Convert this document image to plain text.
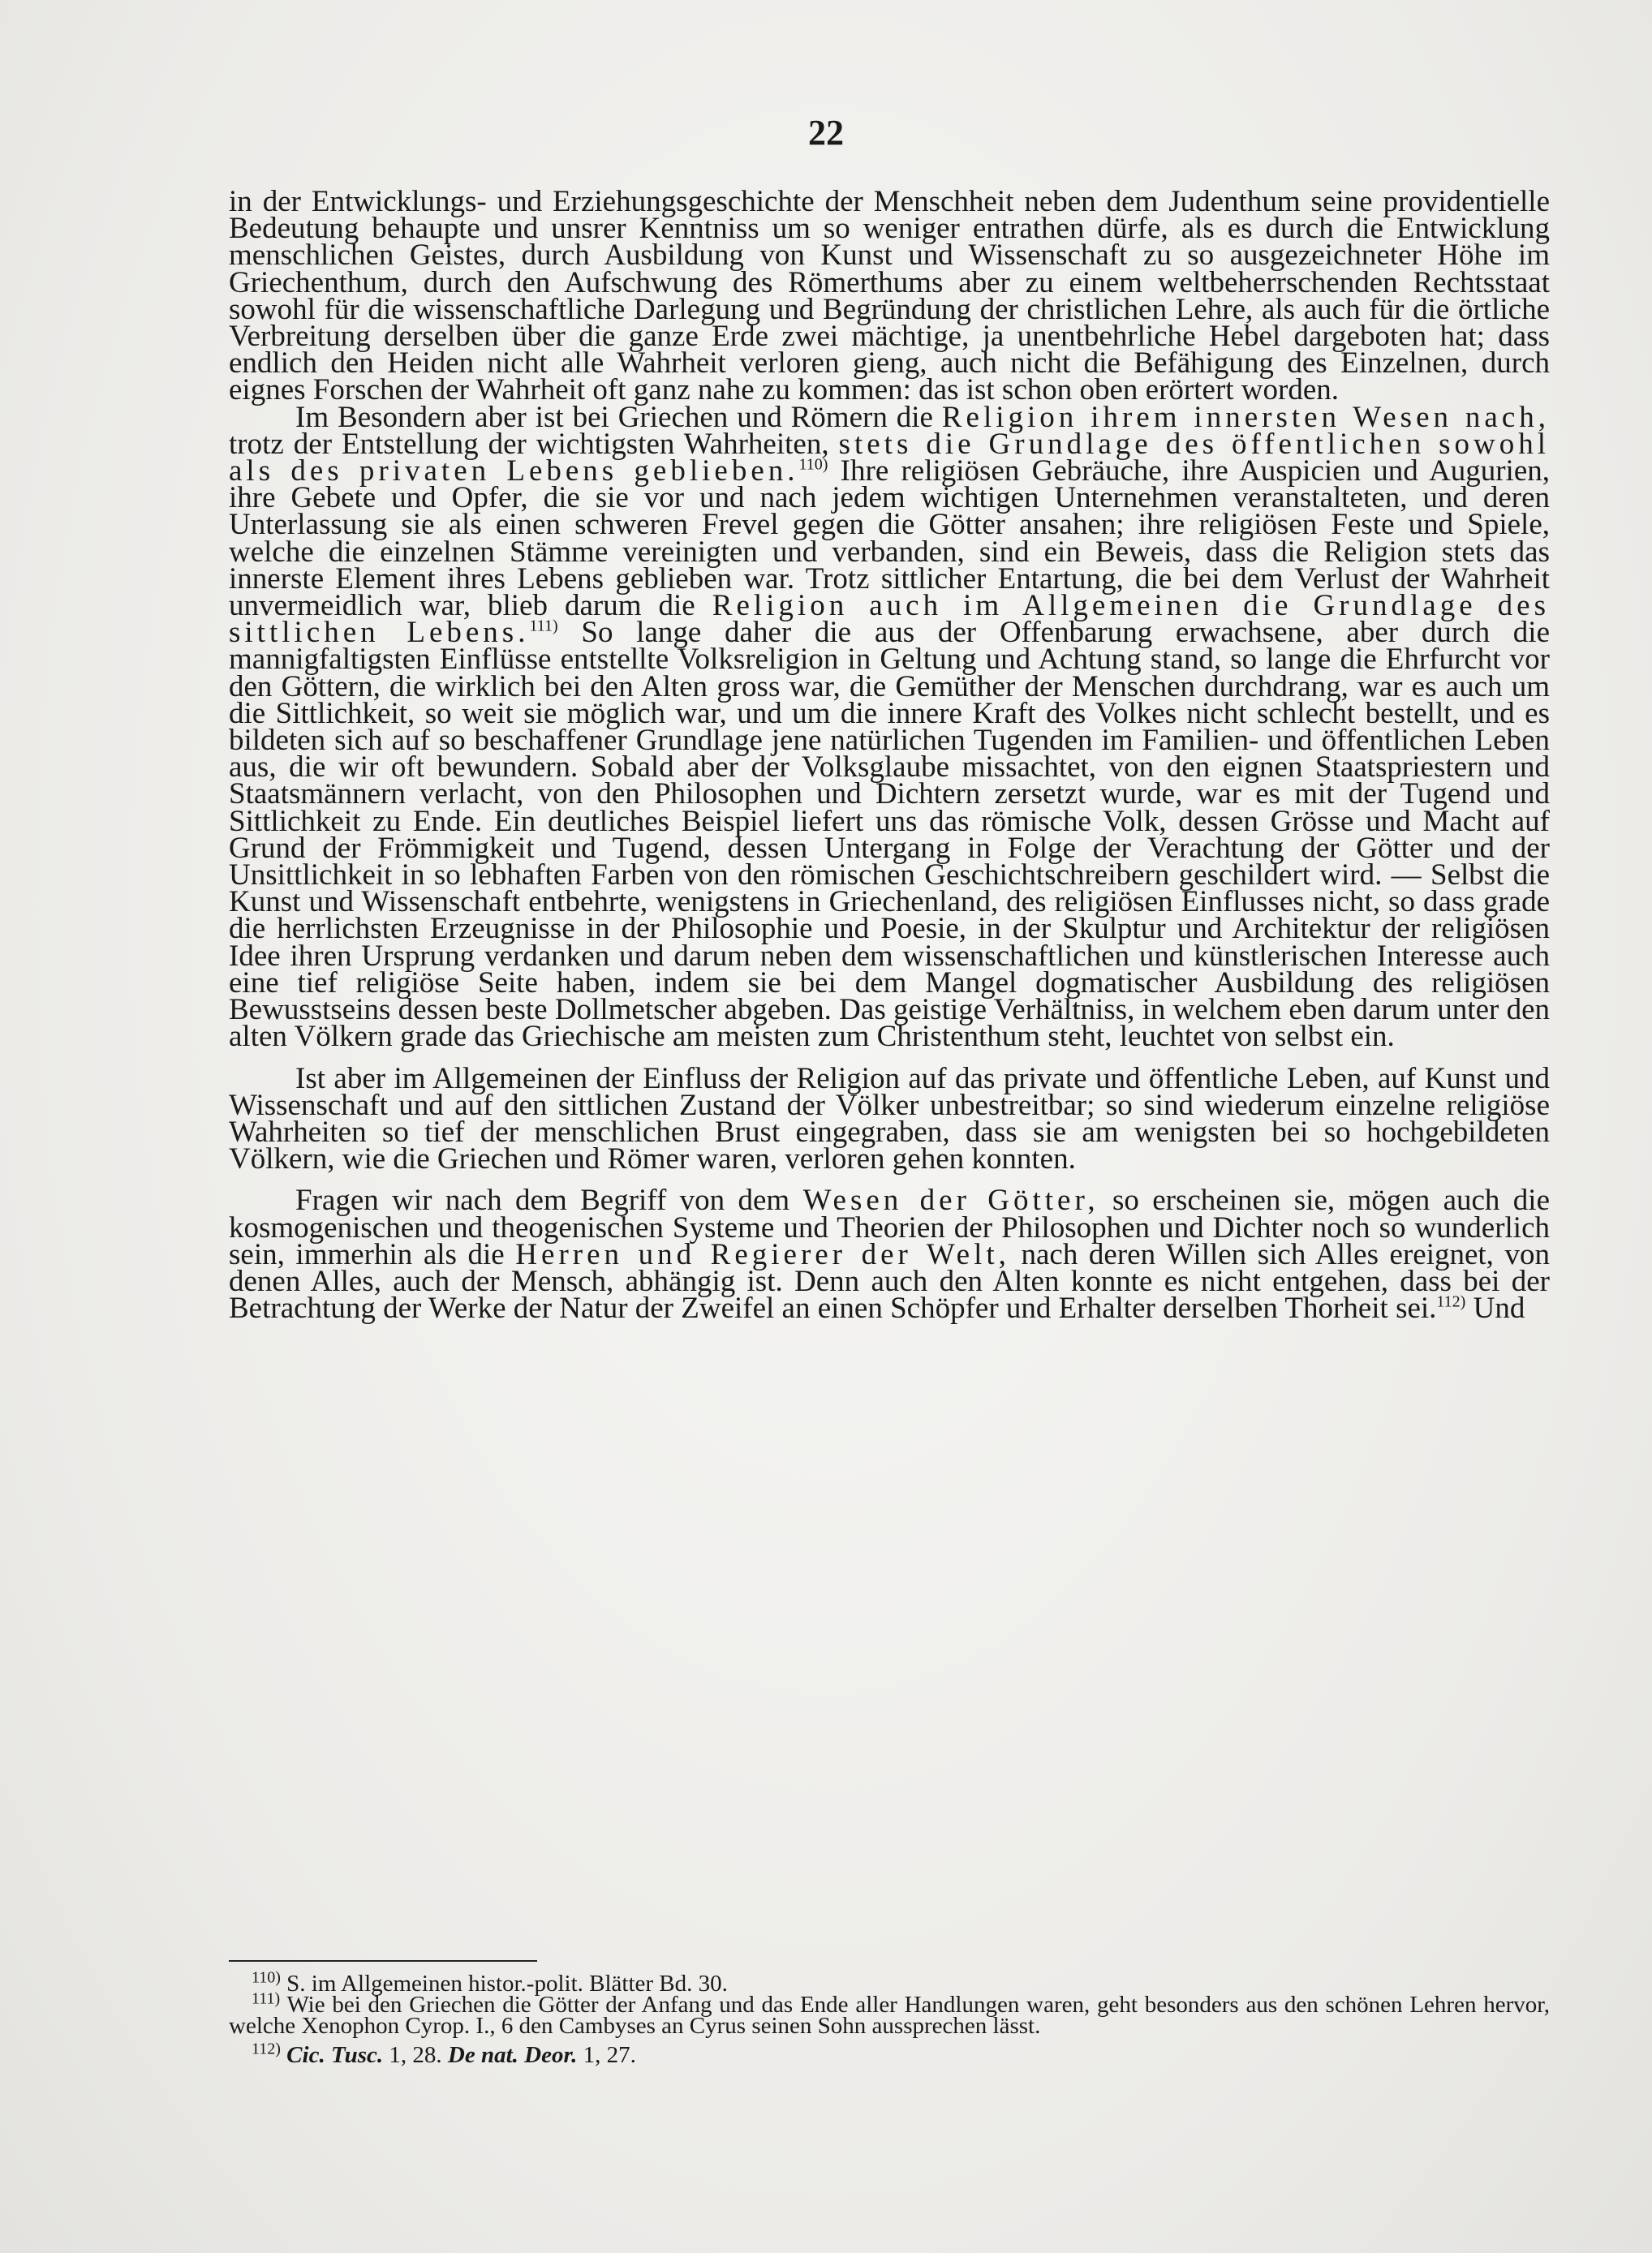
22

in der Entwicklungs- und Erziehungsgeschichte der Menschheit neben dem Judenthum seine providentielle Bedeutung behaupte und unsrer Kenntniss um so weniger entrathen dürfe, als es durch die Entwicklung menschlichen Geistes, durch Ausbildung von Kunst und Wissenschaft zu so ausgezeichneter Höhe im Griechenthum, durch den Aufschwung des Römerthums aber zu einem weltbeherrschenden Rechtsstaat sowohl für die wissenschaftliche Darlegung und Begründung der christlichen Lehre, als auch für die örtliche Verbreitung derselben über die ganze Erde zwei mächtige, ja unentbehrliche Hebel dargeboten hat; dass endlich den Heiden nicht alle Wahrheit verloren gieng, auch nicht die Befähigung des Einzelnen, durch eignes Forschen der Wahrheit oft ganz nahe zu kommen: das ist schon oben erörtert worden.

Im Besondern aber ist bei Griechen und Römern die Religion ihrem innersten Wesen nach, trotz der Entstellung der wichtigsten Wahrheiten, stets die Grundlage des öffentlichen sowohl als des privaten Lebens geblieben.$^{110)}$ Ihre religiösen Gebräuche, ihre Auspicien und Augurien, ihre Gebete und Opfer, die sie vor und nach jedem wichtigen Unternehmen veranstalteten, und deren Unterlassung sie als einen schweren Frevel gegen die Götter ansahen; ihre religiösen Feste und Spiele, welche die einzelnen Stämme vereinigten und verbanden, sind ein Beweis, dass die Religion stets das innerste Element ihres Lebens geblieben war. Trotz sittlicher Entartung, die bei dem Verlust der Wahrheit unvermeidlich war, blieb darum die Religion auch im Allgemeinen die Grundlage des sittlichen Lebens.$^{111)}$ So lange daher die aus der Offenbarung erwachsene, aber durch die mannigfaltigsten Einflüsse entstellte Volksreligion in Geltung und Achtung stand, so lange die Ehrfurcht vor den Göttern, die wirklich bei den Alten gross war, die Gemüther der Menschen durchdrang, war es auch um die Sittlichkeit, so weit sie möglich war, und um die innere Kraft des Volkes nicht schlecht bestellt, und es bildeten sich auf so beschaffener Grundlage jene natürlichen Tugenden im Familien- und öffentlichen Leben aus, die wir oft bewundern. Sobald aber der Volksglaube missachtet, von den eignen Staatspriestern und Staatsmännern verlacht, von den Philosophen und Dichtern zersetzt wurde, war es mit der Tugend und Sittlichkeit zu Ende. Ein deutliches Beispiel liefert uns das römische Volk, dessen Grösse und Macht auf Grund der Frömmigkeit und Tugend, dessen Untergang in Folge der Verachtung der Götter und der Unsittlichkeit in so lebhaften Farben von den römischen Geschichtschreibern geschildert wird. — Selbst die Kunst und Wissenschaft entbehrte, wenigstens in Griechenland, des religiösen Einflusses nicht, so dass grade die herrlichsten Erzeugnisse in der Philosophie und Poesie, in der Skulptur und Architektur der religiösen Idee ihren Ursprung verdanken und darum neben dem wissenschaftlichen und künstlerischen Interesse auch eine tief religiöse Seite haben, indem sie bei dem Mangel dogmatischer Ausbildung des religiösen Bewusstseins dessen beste Dollmetscher abgeben. Das geistige Verhältniss, in welchem eben darum unter den alten Völkern grade das Griechische am meisten zum Christenthum steht, leuchtet von selbst ein.

Ist aber im Allgemeinen der Einfluss der Religion auf das private und öffentliche Leben, auf Kunst und Wissenschaft und auf den sittlichen Zustand der Völker unbestreitbar; so sind wiederum einzelne religiöse Wahrheiten so tief der menschlichen Brust eingegraben, dass sie am wenigsten bei so hochgebildeten Völkern, wie die Griechen und Römer waren, verloren gehen konnten.

Fragen wir nach dem Begriff von dem Wesen der Götter, so erscheinen sie, mögen auch die kosmogenischen und theogenischen Systeme und Theorien der Philosophen und Dichter noch so wunderlich sein, immerhin als die Herren und Regierer der Welt, nach deren Willen sich Alles ereignet, von denen Alles, auch der Mensch, abhängig ist. Denn auch den Alten konnte es nicht entgehen, dass bei der Betrachtung der Werke der Natur der Zweifel an einen Schöpfer und Erhalter derselben Thorheit sei.$^{112)}$ Und

$^{110)}$ S. im Allgemeinen histor.-polit. Blätter Bd. 30.

$^{111)}$ Wie bei den Griechen die Götter der Anfang und das Ende aller Handlungen waren, geht besonders aus den schönen Lehren hervor, welche Xenophon Cyrop. I., 6 den Cambyses an Cyrus seinen Sohn aussprechen lässt.

$^{112)}$ Cic. Tusc. 1, 28. De nat. Deor. 1, 27.
